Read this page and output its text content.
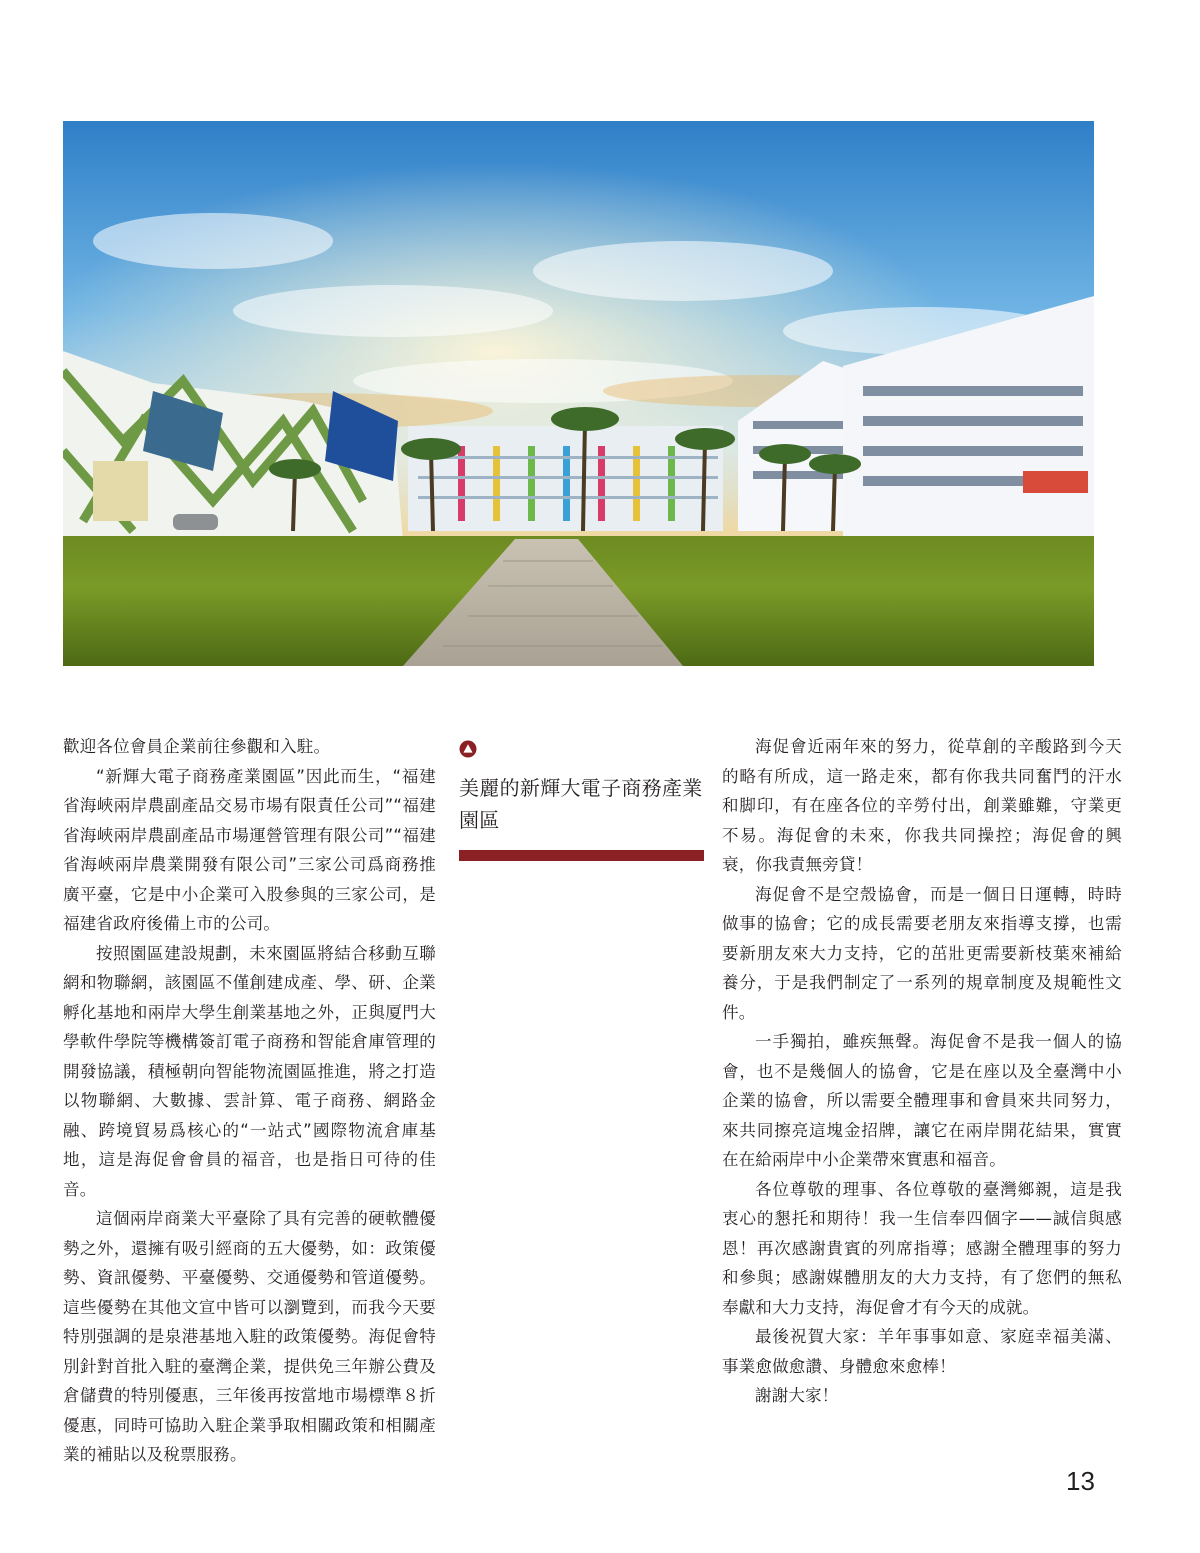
歡迎各位會員企業前往參觀和入駐。

“新輝大電子商務產業園區”因此而生，“福建省海峽兩岸農副產品交易市場有限責任公司”“福建省海峽兩岸農副產品市場運營管理有限公司”“福建省海峽兩岸農業開發有限公司”三家公司爲商務推廣平臺，它是中小企業可入股參與的三家公司，是福建省政府後備上市的公司。

按照園區建設規劃，未來園區將結合移動互聯網和物聯網，該園區不僅創建成產、學、研、企業孵化基地和兩岸大學生創業基地之外，正與厦門大學軟件學院等機構簽訂電子商務和智能倉庫管理的開發協議，積極朝向智能物流園區推進，將之打造以物聯網、大數據、雲計算、電子商務、網路金融、跨境貿易爲核心的“一站式”國際物流倉庫基地，這是海促會會員的福音，也是指日可待的佳音。

這個兩岸商業大平臺除了具有完善的硬軟體優勢之外，還擁有吸引經商的五大優勢，如：政策優勢、資訊優勢、平臺優勢、交通優勢和管道優勢。這些優勢在其他文宣中皆可以瀏覽到，而我今天要特別强調的是泉港基地入駐的政策優勢。海促會特別針對首批入駐的臺灣企業，提供免三年辦公費及倉儲費的特別優惠，三年後再按當地市場標準８折優惠，同時可協助入駐企業爭取相關政策和相關產業的補貼以及稅票服務。

美麗的新輝大電子商務產業園區

海促會近兩年來的努力，從草創的辛酸路到今天的略有所成，這一路走來，都有你我共同奮鬥的汗水和脚印，有在座各位的辛勞付出，創業雖難，守業更不易。海促會的未來，你我共同操控；海促會的興衰，你我責無旁貸！

海促會不是空殼協會，而是一個日日運轉，時時做事的協會；它的成長需要老朋友來指導支撐，也需要新朋友來大力支持，它的茁壯更需要新枝葉來補給養分，于是我們制定了一系列的規章制度及規範性文件。

一手獨拍，雖疾無聲。海促會不是我一個人的協會，也不是幾個人的協會，它是在座以及全臺灣中小企業的協會，所以需要全體理事和會員來共同努力，來共同擦亮這塊金招牌，讓它在兩岸開花結果，實實在在給兩岸中小企業帶來實惠和福音。

各位尊敬的理事、各位尊敬的臺灣鄉親，這是我衷心的懇托和期待！我一生信奉四個字——誠信與感恩！再次感謝貴賓的列席指導；感謝全體理事的努力和參與；感謝媒體朋友的大力支持，有了您們的無私奉獻和大力支持，海促會才有今天的成就。

最後祝賀大家：羊年事事如意、家庭幸福美滿、事業愈做愈讚、身體愈來愈棒！

謝謝大家！

13
